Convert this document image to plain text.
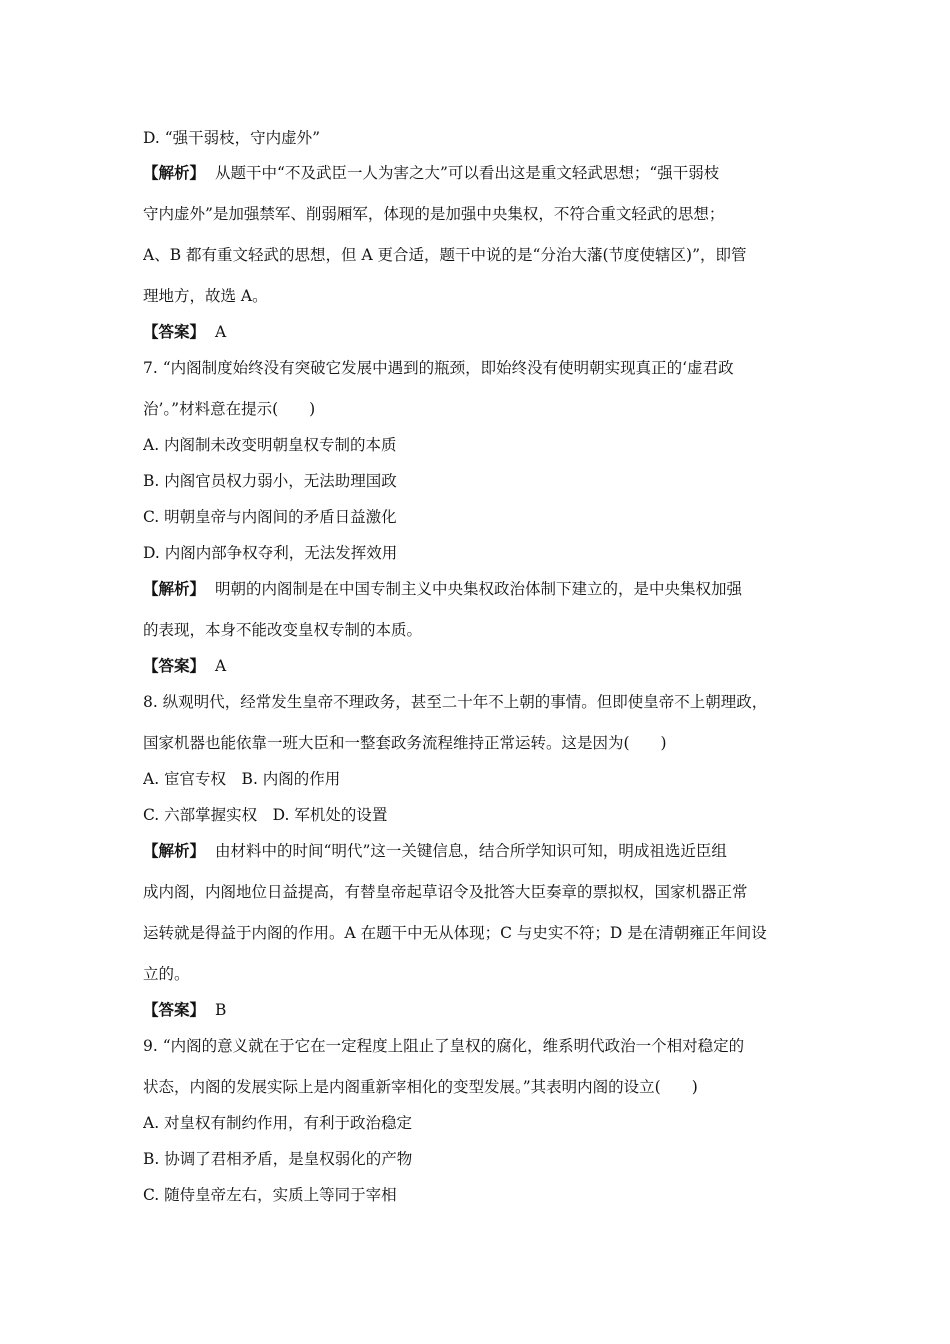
D. “强干弱枝，守内虚外”
【解析】 从题干中“不及武臣一人为害之大”可以看出这是重文轻武思想；“强干弱枝
守内虚外”是加强禁军、削弱厢军，体现的是加强中央集权，不符合重文轻武的思想；
A、B 都有重文轻武的思想，但 A 更合适，题干中说的是“分治大藩(节度使辖区)”，即管
理地方，故选 A。
【答案】 A
7. “内阁制度始终没有突破它发展中遇到的瓶颈，即始终没有使明朝实现真正的‘虚君政
治’。”材料意在提示(　　)
A. 内阁制未改变明朝皇权专制的本质
B. 内阁官员权力弱小，无法助理国政
C. 明朝皇帝与内阁间的矛盾日益激化
D. 内阁内部争权夺利，无法发挥效用
【解析】 明朝的内阁制是在中国专制主义中央集权政治体制下建立的，是中央集权加强
的表现，本身不能改变皇权专制的本质。
【答案】 A
8. 纵观明代，经常发生皇帝不理政务，甚至二十年不上朝的事情。但即使皇帝不上朝理政，
国家机器也能依靠一班大臣和一整套政务流程维持正常运转。这是因为(　　)
A. 宦官专权　B. 内阁的作用
C. 六部掌握实权　D. 军机处的设置
【解析】 由材料中的时间“明代”这一关键信息，结合所学知识可知，明成祖选近臣组
成内阁，内阁地位日益提高，有替皇帝起草诏令及批答大臣奏章的票拟权，国家机器正常
运转就是得益于内阁的作用。A 在题干中无从体现；C 与史实不符；D 是在清朝雍正年间设
立的。
【答案】 B
9. “内阁的意义就在于它在一定程度上阻止了皇权的腐化，维系明代政治一个相对稳定的
状态，内阁的发展实际上是内阁重新宰相化的变型发展。”其表明内阁的设立(　　)
A. 对皇权有制约作用，有利于政治稳定
B. 协调了君相矛盾，是皇权弱化的产物
C. 随侍皇帝左右，实质上等同于宰相
